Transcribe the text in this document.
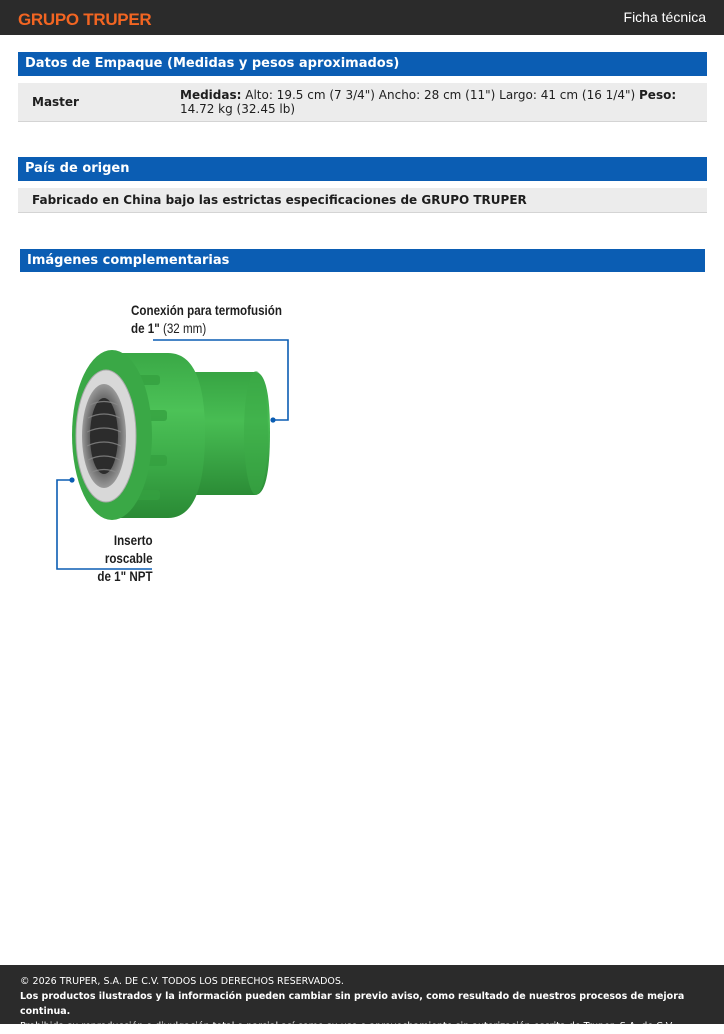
GRUPO TRUPER	Ficha técnica
Datos de Empaque (Medidas y pesos aproximados)
Master	Medidas: Alto: 19.5 cm (7 3/4") Ancho: 28 cm (11") Largo: 41 cm (16 1/4") Peso: 14.72 kg (32.45 lb)
País de origen
Fabricado en China bajo las estrictas especificaciones de GRUPO TRUPER
Imágenes complementarias
Conexión para termofusión
de 1" (32 mm)
Inserto roscable
de 1" NPT
© 2026 TRUPER, S.A. DE C.V. TODOS LOS DERECHOS RESERVADOS.
Los productos ilustrados y la información pueden cambiar sin previo aviso, como resultado de nuestros procesos de mejora continua.
Prohibida su reproducción o divulgación total o parcial así como su uso o aprovechamiento sin autorización escrita de Truper, S.A. de C.V.
